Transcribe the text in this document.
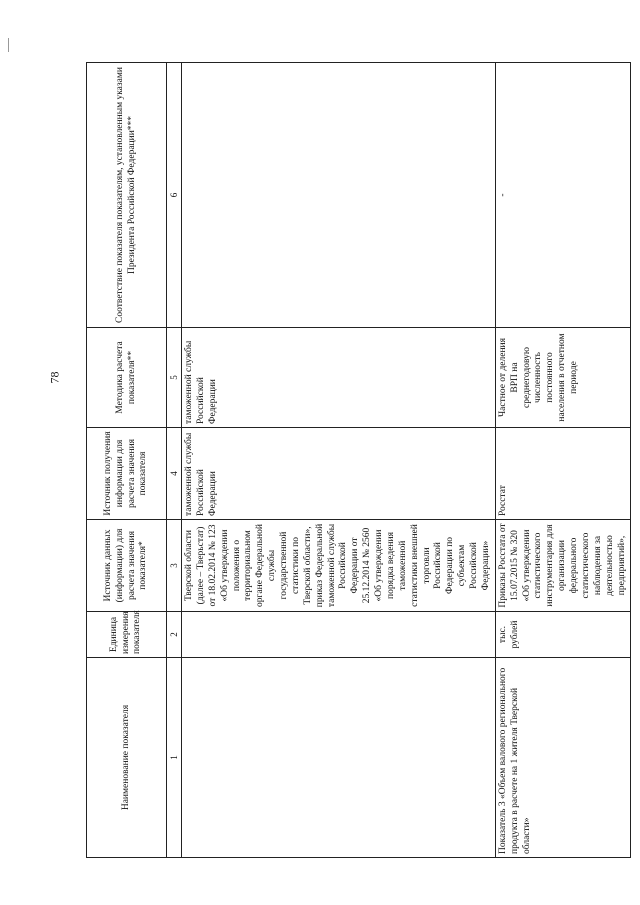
78
Наименование показателя	Единица измерения показателя	Источник данных (информации) для расчета значения показателя*	Источник получения информации для расчета значения показателя	Методика расчета показателя**	Соответствие показателя показателям, установленным указами Президента Российской Федерации***
1	2	3	4	5	6
		Тверской области (далее – Тверьстат) от 18.02.2014 № 123 «Об утверждении положения о территориальном органе Федеральной службы государственной статистики по Тверской области», приказ Федеральной таможенной службы Российской Федерации от 25.12.2014 № 2560 «Об утверждении порядка ведения таможенной статистики внешней торговли Российской Федерации по субъектам Российской Федерации»	таможенной службы Российской Федерации	таможенной службы Российской Федерации	
Показатель 3 «Объем валового регионального продукта в расчете на 1 жителя Тверской области»	тыс. рублей	Приказы Росстата от 15.07.2015 № 320 «Об утверждении статистического инструментария для организации федерального статистического наблюдения за деятельностью предприятий»,	Росстат	Частное от деления ВРП на среднегодовую численность постоянного населения в отчетном периоде	-
